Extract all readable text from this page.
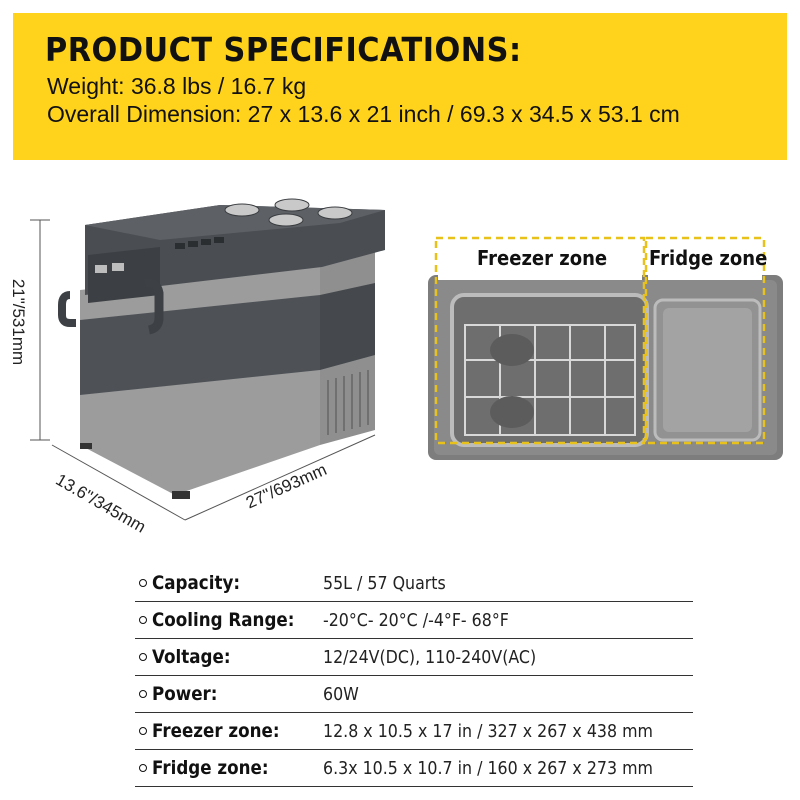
PRODUCT SPECIFICATIONS:
Weight: 36.8 lbs / 16.7 kg
Overall Dimension: 27 x 13.6 x 21 inch / 69.3 x 34.5 x 53.1 cm
21"/531mm
13.6"/345mm	27"/693mm
Freezer zone Fridge zone
Capacity:	55L / 57 Quarts
Cooling Range: -20°C- 20°C /-4°F- 68°F
Voltage:	12/24V(DC), 110-240V(AC)
Power:	60W
Freezer zone: 12.8 x 10.5 x 17 in / 327 x 267 x 438 mm
Fridge zone:	6.3x 10.5 x 10.7 in / 160 x 267 x 273 mm
